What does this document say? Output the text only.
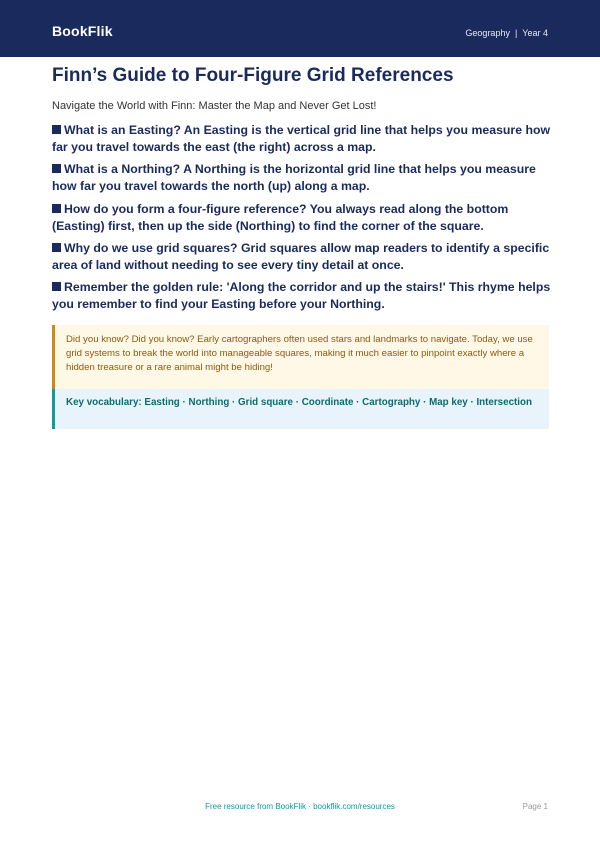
BookFlik	Geography | Year 4
Finn’s Guide to Four-Figure Grid References
Navigate the World with Finn: Master the Map and Never Get Lost!
What is an Easting? An Easting is the vertical grid line that helps you measure how far you travel towards the east (the right) across a map.
What is a Northing? A Northing is the horizontal grid line that helps you measure how far you travel towards the north (up) along a map.
How do you form a four-figure reference? You always read along the bottom (Easting) first, then up the side (Northing) to find the corner of the square.
Why do we use grid squares? Grid squares allow map readers to identify a specific area of land without needing to see every tiny detail at once.
Remember the golden rule: 'Along the corridor and up the stairs!' This rhyme helps you remember to find your Easting before your Northing.
Did you know? Did you know? Early cartographers often used stars and landmarks to navigate. Today, we use grid systems to break the world into manageable squares, making it much easier to pinpoint exactly where a hidden treasure or a rare animal might be hiding!
Key vocabulary: Easting · Northing · Grid square · Coordinate · Cartography · Map key · Intersection
Free resource from BookFlik · bookflik.com/resources	Page 1
